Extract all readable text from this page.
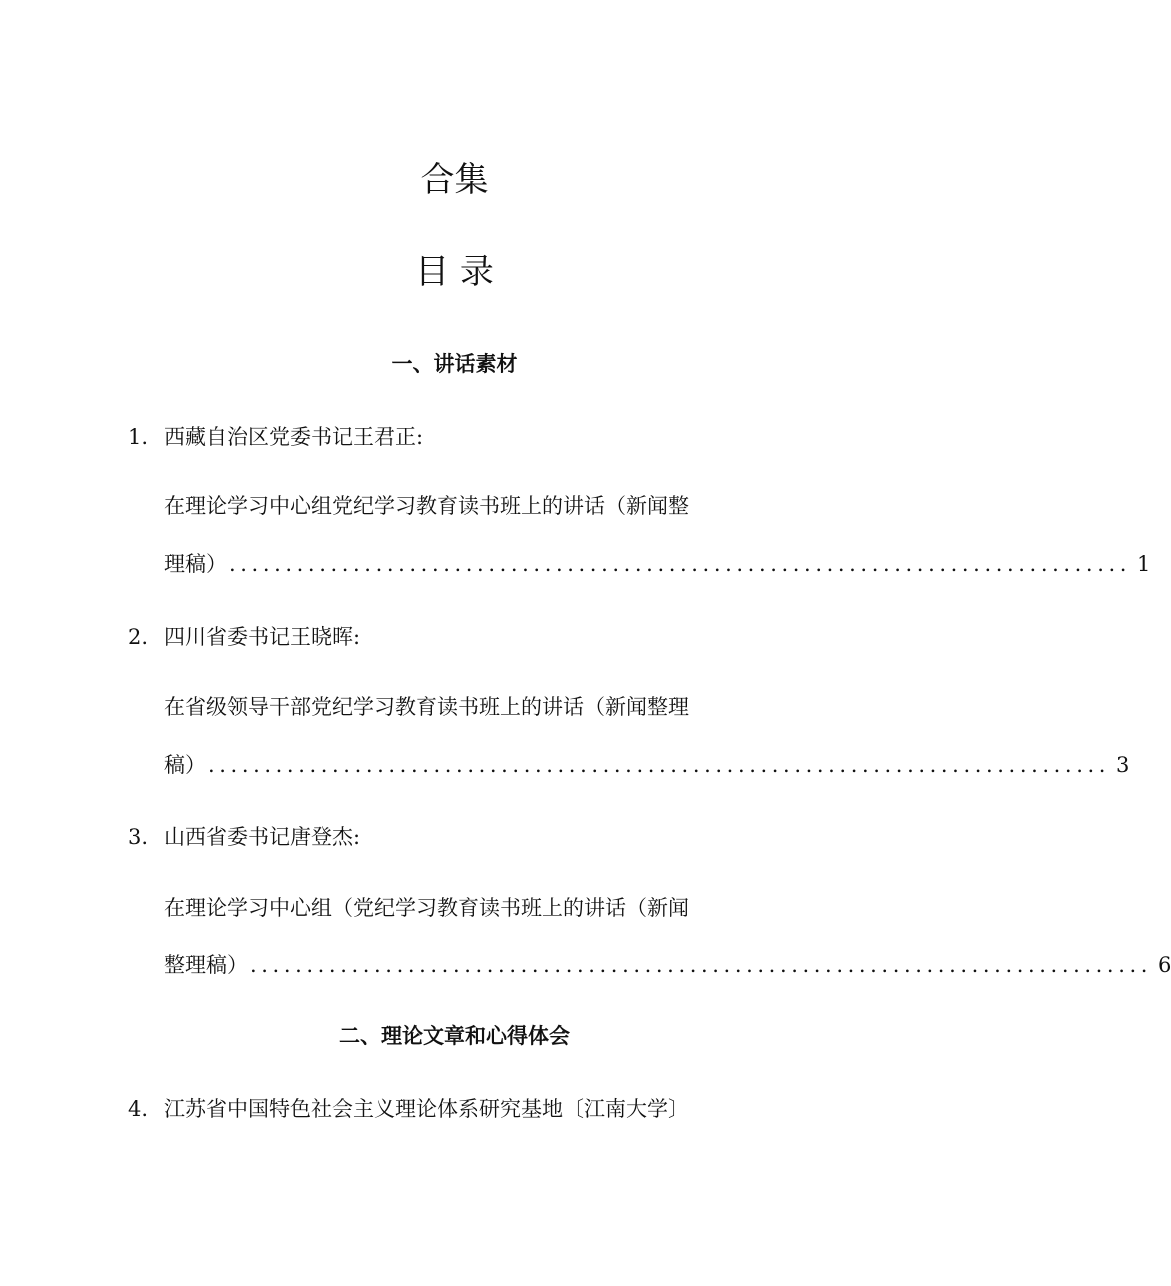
合集
目 录
一、讲话素材
1. 西藏自治区党委书记王君正:
在理论学习中心组党纪学习教育读书班上的讲话（新闻整
理稿） ................................................................................ 1
2. 四川省委书记王晓晖:
在省级领导干部党纪学习教育读书班上的讲话（新闻整理
稿） ................................................................................ 3
3. 山西省委书记唐登杰:
在理论学习中心组（党纪学习教育读书班上的讲话（新闻
整理稿） ................................................................................ 6
二、理论文章和心得体会
4. 江苏省中国特色社会主义理论体系研究基地〔江南大学〕
